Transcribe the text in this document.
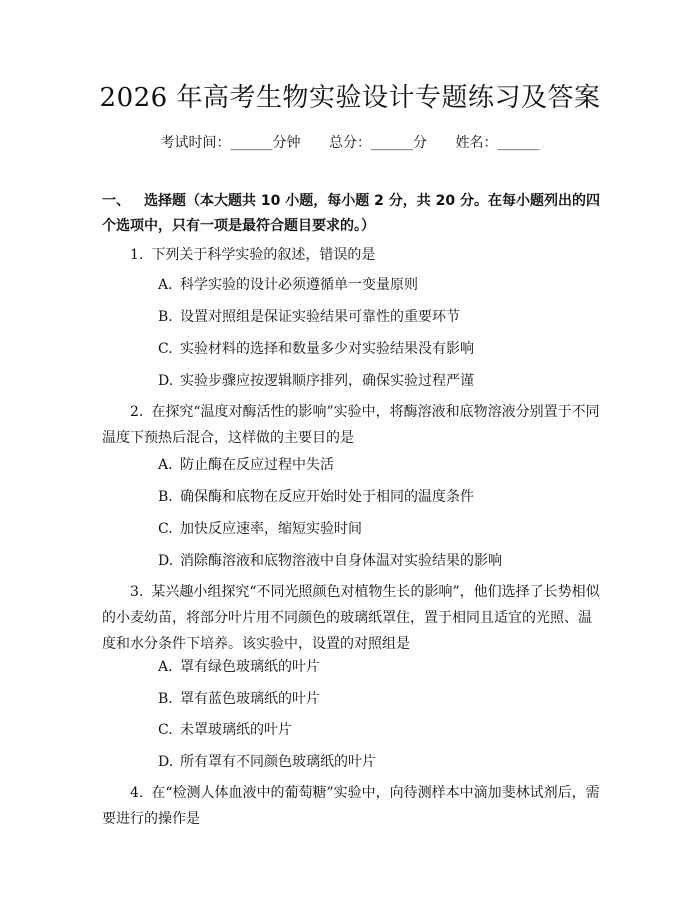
2026 年高考生物实验设计专题练习及答案
考试时间：______分钟 总分：______分 姓名：______
一、 选择题（本大题共 10 小题，每小题 2 分，共 20 分。在每小题列出的四个选项中，只有一项是最符合题目要求的。）
1. 下列关于科学实验的叙述，错误的是
A. 科学实验的设计必须遵循单一变量原则
B. 设置对照组是保证实验结果可靠性的重要环节
C. 实验材料的选择和数量多少对实验结果没有影响
D. 实验步骤应按逻辑顺序排列，确保实验过程严谨
2. 在探究“温度对酶活性的影响”实验中，将酶溶液和底物溶液分别置于不同温度下预热后混合，这样做的主要目的是
A. 防止酶在反应过程中失活
B. 确保酶和底物在反应开始时处于相同的温度条件
C. 加快反应速率，缩短实验时间
D. 消除酶溶液和底物溶液中自身体温对实验结果的影响
3. 某兴趣小组探究“不同光照颜色对植物生长的影响”，他们选择了长势相似的小麦幼苗，将部分叶片用不同颜色的玻璃纸罩住，置于相同且适宜的光照、温度和水分条件下培养。该实验中，设置的对照组是
A. 罩有绿色玻璃纸的叶片
B. 罩有蓝色玻璃纸的叶片
C. 未罩玻璃纸的叶片
D. 所有罩有不同颜色玻璃纸的叶片
4. 在“检测人体血液中的葡萄糖”实验中，向待测样本中滴加斐林试剂后，需要进行的操作是
